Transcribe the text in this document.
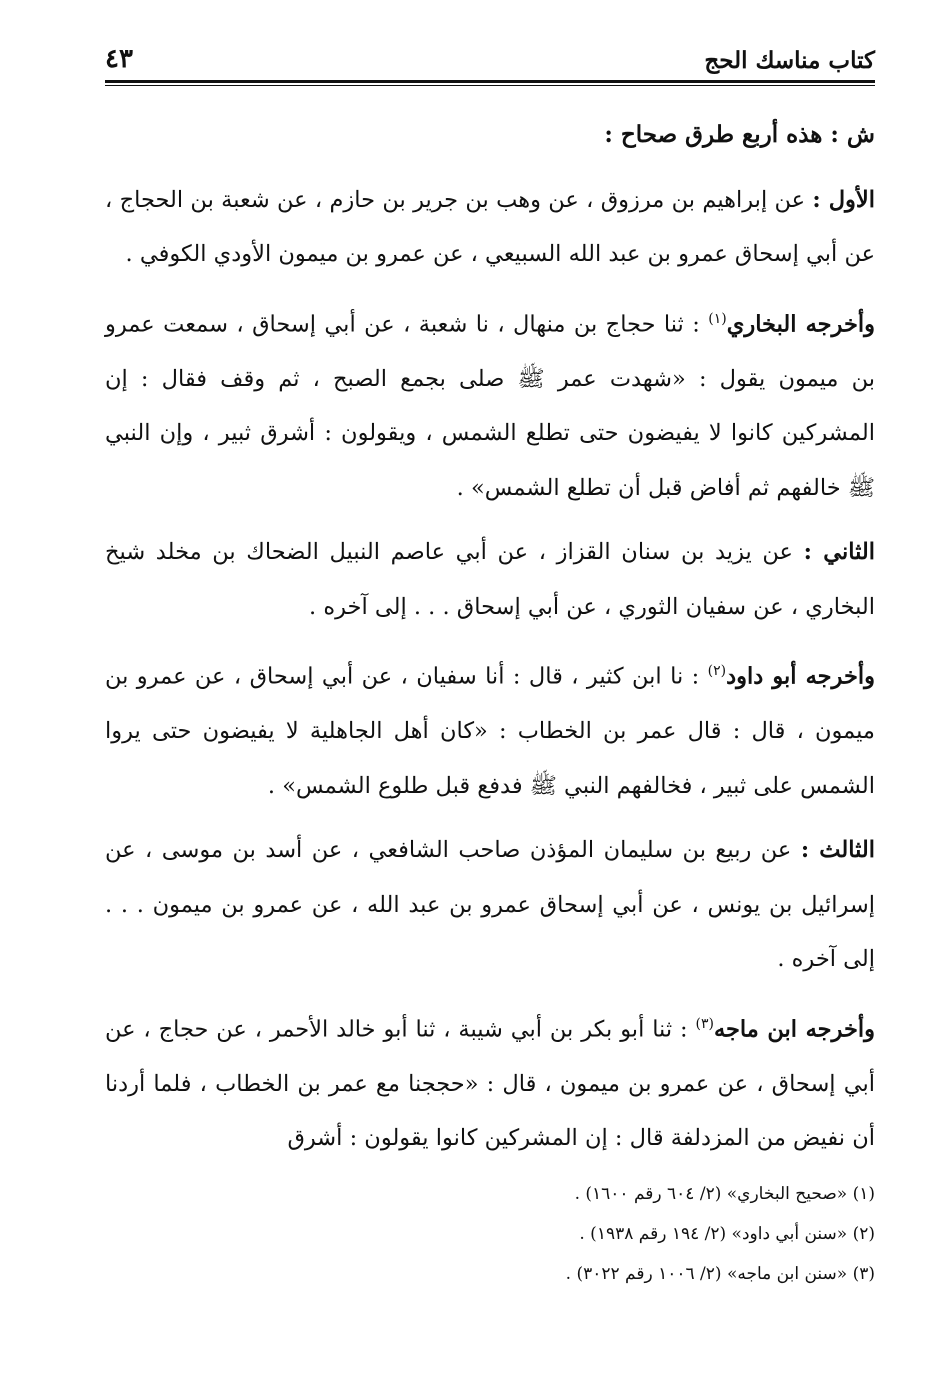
كتاب مناسك الحج
٤٣

ش : هذه أربع طرق صحاح :

الأول : عن إبراهيم بن مرزوق ، عن وهب بن جرير بن حازم ، عن شعبة بن الحجاج ، عن أبي إسحاق عمرو بن عبد الله السبيعي ، عن عمرو بن ميمون الأودي الكوفي .

وأخرجه البخاري$^{(١)}$ : ثنا حجاج بن منهال ، نا شعبة ، عن أبي إسحاق ، سمعت عمرو بن ميمون يقول : «شهدت عمر ﷺ صلى بجمع الصبح ، ثم وقف فقال : إن المشركين كانوا لا يفيضون حتى تطلع الشمس ، ويقولون : أشرق ثبير ، وإن النبي ﷺ خالفهم ثم أفاض قبل أن تطلع الشمس» .

الثاني : عن يزيد بن سنان القزاز ، عن أبي عاصم النبيل الضحاك بن مخلد شيخ البخاري ، عن سفيان الثوري ، عن أبي إسحاق . . . إلى آخره .

وأخرجه أبو داود$^{(٢)}$ : نا ابن كثير ، قال : أنا سفيان ، عن أبي إسحاق ، عن عمرو بن ميمون ، قال : قال عمر بن الخطاب : «كان أهل الجاهلية لا يفيضون حتى يروا الشمس على ثبير ، فخالفهم النبي ﷺ فدفع قبل طلوع الشمس» .

الثالث : عن ربيع بن سليمان المؤذن صاحب الشافعي ، عن أسد بن موسى ، عن إسرائيل بن يونس ، عن أبي إسحاق عمرو بن عبد الله ، عن عمرو بن ميمون . . . إلى آخره .

وأخرجه ابن ماجه$^{(٣)}$ : ثنا أبو بكر بن أبي شيبة ، ثنا أبو خالد الأحمر ، عن حجاج ، عن أبي إسحاق ، عن عمرو بن ميمون ، قال : «حججنا مع عمر بن الخطاب ، فلما أردنا أن نفيض من المزدلفة قال : إن المشركين كانوا يقولون : أشرق

(١) «صحيح البخاري» (٢/ ٦٠٤ رقم ١٦٠٠) .

(٢) «سنن أبي داود» (٢/ ١٩٤ رقم ١٩٣٨) .

(٣) «سنن ابن ماجه» (٢/ ١٠٠٦ رقم ٣٠٢٢) .
